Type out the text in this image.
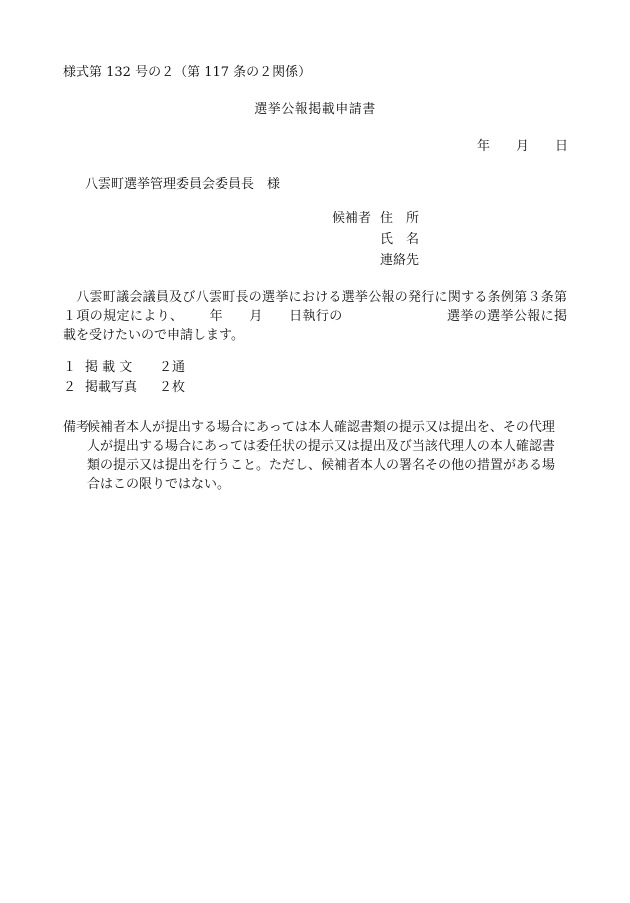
様式第 132 号の２（第 117 条の２関係）
選挙公報掲載申請書
年 月 日
八雲町選挙管理委員会委員長　様
候補者 住　所
氏　名
連絡先
八雲町議会議員及び八雲町長の選挙における選挙公報の発行に関する条例第３条第１項の規定により、 年 月 日執行の	選挙の選挙公報に掲載を受けたいので申請します。
１ 掲 載 文 ２通
２ 掲載写真 ２枚
備考
候補者本人が提出する場合にあっては本人確認書類の提示又は提出を、その代理人が提出する場合にあっては委任状の提示又は提出及び当該代理人の本人確認書類の提示又は提出を行うこと。ただし、候補者本人の署名その他の措置がある場合はこの限りではない。
